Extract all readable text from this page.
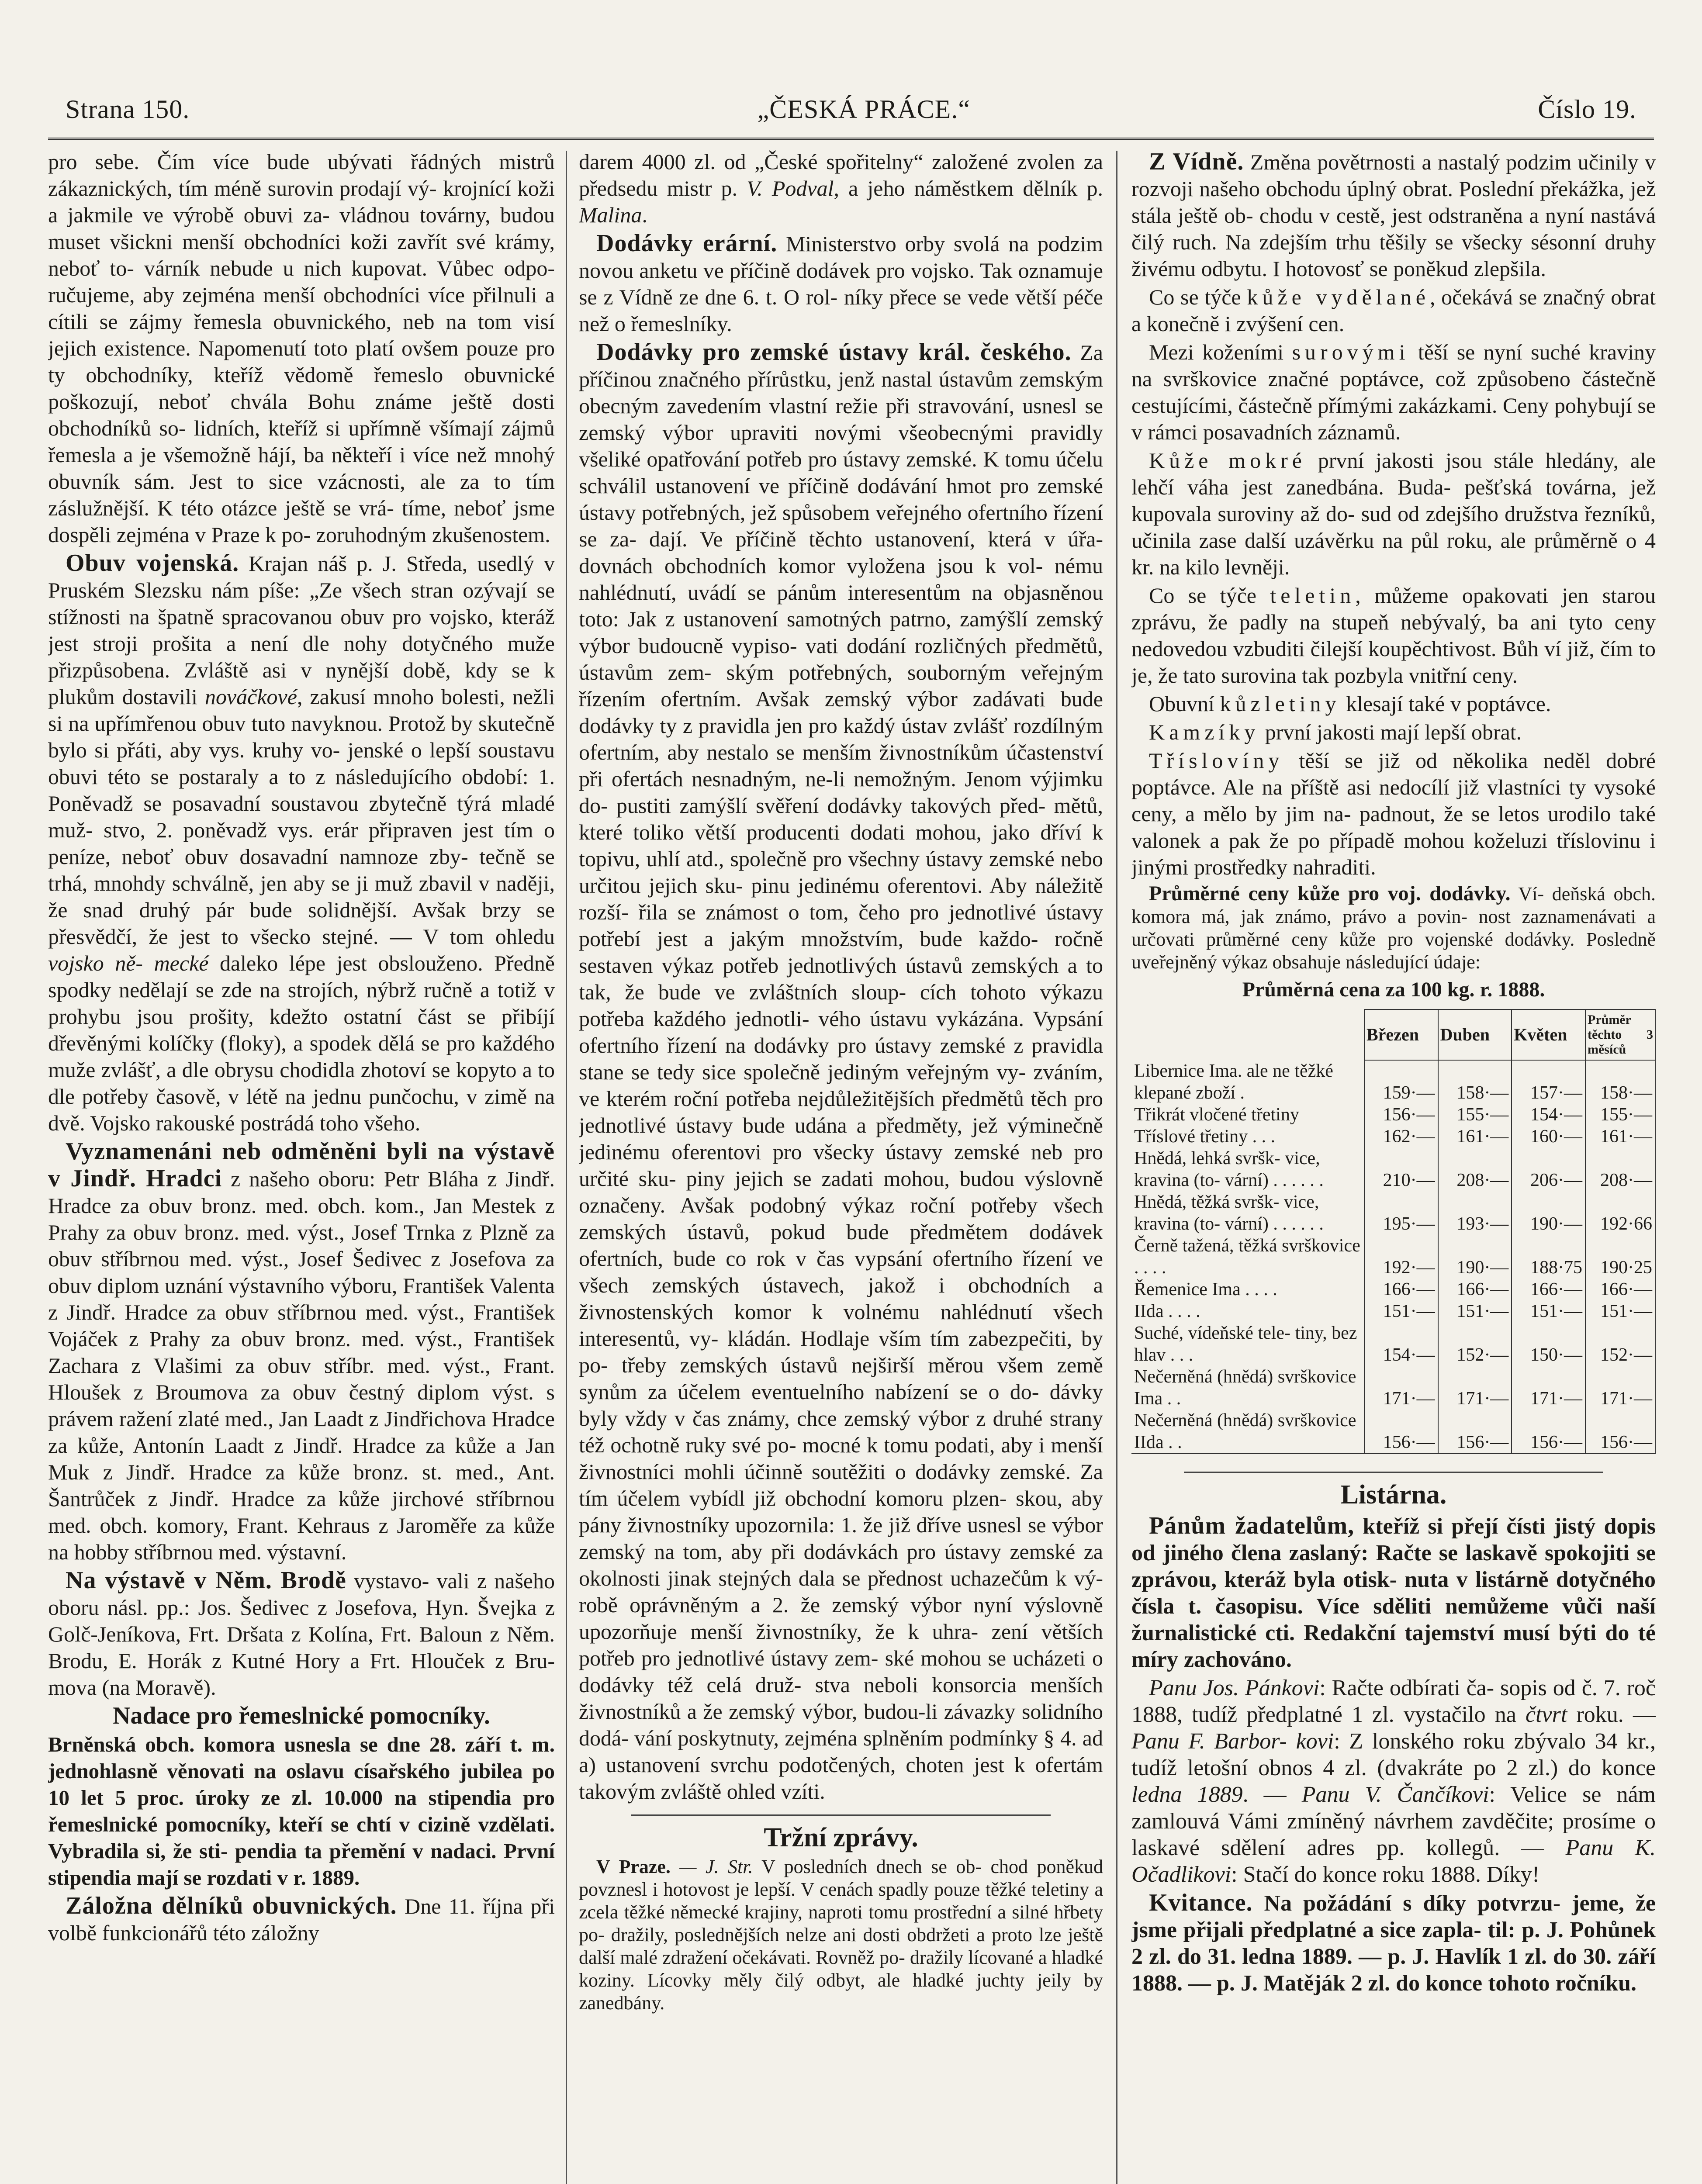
Strana 150.	„ČESKÁ PRÁCE.“	Číslo 19.

pro sebe. Čím více bude ubývati řádných mistrů zákaznických, tím méně surovin prodají vý- krojnící koži a jakmile ve výrobě obuvi za- vládnou továrny, budou muset všickni menší obchodníci koži zavřít své krámy, neboť to- várník nebude u nich kupovat. Vůbec odpo- ručujeme, aby zejména menší obchodníci více přilnuli a cítili se zájmy řemesla obuvnického, neb na tom visí jejich existence. Napomenutí toto platí ovšem pouze pro ty obchodníky, kteříž vědomě řemeslo obuvnické poškozují, neboť chvála Bohu známe ještě dosti obchodníků so- lidních, kteříž si upřímně všímají zájmů řemesla a je všemožně hájí, ba někteří i více než mnohý obuvník sám. Jest to sice vzácnosti, ale za to tím záslužnější. K této otázce ještě se vrá- tíme, neboť jsme dospěli zejména v Praze k po- zoruhodným zkušenostem.

Obuv vojenská. Krajan náš p. J. Středa, usedlý v Pruském Slezsku nám píše: „Ze všech stran ozývají se stížnosti na špatně spracovanou obuv pro vojsko, kteráž jest stroji prošita a není dle nohy dotyčného muže přizpůsobena. Zvláště asi v nynější době, kdy se k plukům dostavili nováčkové, zakusí mnoho bolesti, nežli si na upřímřenou obuv tuto navyknou. Protož by skutečně bylo si přáti, aby vys. kruhy vo- jenské o lepší soustavu obuvi této se postaraly a to z následujícího období: 1. Poněvadž se posavadní soustavou zbytečně týrá mladé muž- stvo, 2. poněvadž vys. erár připraven jest tím o peníze, neboť obuv dosavadní namnoze zby- tečně se trhá, mnohdy schválně, jen aby se ji muž zbavil v naději, že snad druhý pár bude solidnější. Avšak brzy se přesvědčí, že jest to všecko stejné. — V tom ohledu vojsko ně- mecké daleko lépe jest obslouženo. Předně spodky nedělají se zde na strojích, nýbrž ručně a totiž v prohybu jsou prošity, kdežto ostatní část se přibíjí dřevěnými kolíčky (floky), a spodek dělá se pro každého muže zvlášť, a dle obrysu chodidla zhotoví se kopyto a to dle potřeby časově, v létě na jednu punčochu, v zimě na dvě. Vojsko rakouské postrádá toho všeho.

Vyznamenáni neb odměněni byli na výstavě v Jindř. Hradci z našeho oboru: Petr Bláha z Jindř. Hradce za obuv bronz. med. obch. kom., Jan Mestek z Prahy za obuv bronz. med. výst., Josef Trnka z Plzně za obuv stříbrnou med. výst., Josef Šedivec z Josefova za obuv diplom uznání výstavního výboru, František Valenta z Jindř. Hradce za obuv stříbrnou med. výst., František Vojáček z Prahy za obuv bronz. med. výst., František Zachara z Vlašimi za obuv stříbr. med. výst., Frant. Hloušek z Broumova za obuv čestný diplom výst. s právem ražení zlaté med., Jan Laadt z Jindřichova Hradce za kůže, Antonín Laadt z Jindř. Hradce za kůže a Jan Muk z Jindř. Hradce za kůže bronz. st. med., Ant. Šantrůček z Jindř. Hradce za kůže jirchové stříbrnou med. obch. komory, Frant. Kehraus z Jaroměře za kůže na hobby stříbrnou med. výstavní.

Na výstavě v Něm. Brodě vystavo- vali z našeho oboru násl. pp.: Jos. Šedivec z Josefova, Hyn. Švejka z Golč-Jeníkova, Frt. Dršata z Kolína, Frt. Baloun z Něm. Brodu, E. Horák z Kutné Hory a Frt. Hlouček z Bru- mova (na Moravě).

Nadace pro řemeslnické pomocníky.

Brněnská obch. komora usnesla se dne 28. září t. m. jednohlasně věnovati na oslavu císařského jubilea po 10 let 5 proc. úroky ze zl. 10.000 na stipendia pro řemeslnické pomocníky, kteří se chtí v cizině vzdělati. Vybradila si, že sti- pendia ta přemění v nadaci. První stipendia mají se rozdati v r. 1889.

Záložna dělníků obuvnických. Dne 11. října při volbě funkcionářů této záložny

darem 4000 zl. od „České spořitelny“ založené zvolen za předsedu mistr p. V. Podval, a jeho náměstkem dělník p. Malina.

Dodávky erární. Ministerstvo orby svolá na podzim novou anketu ve příčině dodávek pro vojsko. Tak oznamuje se z Vídně ze dne 6. t. O rol- níky přece se vede větší péče než o řemeslníky.

Dodávky pro zemské ústavy král. českého. Za příčinou značného přírůstku, jenž nastal ústavům zemským obecným zavedením vlastní režie při stravování, usnesl se zemský výbor upraviti novými všeobecnými pravidly všeliké opatřování potřeb pro ústavy zemské. K tomu účelu schválil ustanovení ve příčině dodávání hmot pro zemské ústavy potřebných, jež spůsobem veřejného ofertního řízení se za- dají. Ve příčině těchto ustanovení, která v úřa- dovnách obchodních komor vyložena jsou k vol- nému nahlédnutí, uvádí se pánům interesentům na objasněnou toto: Jak z ustanovení samotných patrno, zamýšlí zemský výbor budoucně vypiso- vati dodání rozličných předmětů, ústavům zem- ským potřebných, souborným veřejným řízením ofertním. Avšak zemský výbor zadávati bude dodávky ty z pravidla jen pro každý ústav zvlášť rozdílným ofertním, aby nestalo se menším živnostníkům účastenství při ofertách nesnadným, ne-li nemožným. Jenom výjimku do- pustiti zamýšlí svěření dodávky takových před- mětů, které toliko větší producenti dodati mohou, jako dříví k topivu, uhlí atd., společně pro všechny ústavy zemské nebo určitou jejich sku- pinu jedinému oferentovi. Aby náležitě rozší- řila se známost o tom, čeho pro jednotlivé ústavy potřebí jest a jakým množstvím, bude každo- ročně sestaven výkaz potřeb jednotlivých ústavů zemských a to tak, že bude ve zvláštních sloup- cích tohoto výkazu potřeba každého jednotli- vého ústavu vykázána. Vypsání ofertního řízení na dodávky pro ústavy zemské z pravidla stane se tedy sice společně jediným veřejným vy- zváním, ve kterém roční potřeba nejdůležitějších předmětů těch pro jednotlivé ústavy bude udána a předměty, jež výminečně jedinému oferentovi pro všecky ústavy zemské neb pro určité sku- piny jejich se zadati mohou, budou výslovně označeny. Avšak podobný výkaz roční potřeby všech zemských ústavů, pokud bude předmětem dodávek ofertních, bude co rok v čas vypsání ofertního řízení ve všech zemských ústavech, jakož i obchodních a živnostenských komor k volnému nahlédnutí všech interesentů, vy- kládán. Hodlaje vším tím zabezpečiti, by po- třeby zemských ústavů nejširší měrou všem země synům za účelem eventuelního nabízení se o do- dávky byly vždy v čas známy, chce zemský výbor z druhé strany též ochotně ruky své po- mocné k tomu podati, aby i menší živnostníci mohli účinně soutěžiti o dodávky zemské. Za tím účelem vybídl již obchodní komoru plzen- skou, aby pány živnostníky upozornila: 1. že již dříve usnesl se výbor zemský na tom, aby při dodávkách pro ústavy zemské za okolnosti jinak stejných dala se přednost uchazečům k vý- robě oprávněným a 2. že zemský výbor nyní výslovně upozorňuje menší živnostníky, že k uhra- zení větších potřeb pro jednotlivé ústavy zem- ské mohou se ucházeti o dodávky též celá druž- stva neboli konsorcia menších živnostníků a že zemský výbor, budou-li závazky solidního dodá- vání poskytnuty, zejména splněním podmínky § 4. ad a) ustanovení svrchu podotčených, choten jest k ofertám takovým zvláště ohled vzíti.

Tržní zprávy.

V Praze. — J. Str. V posledních dnech se ob- chod poněkud povznesl i hotovost je lepší. V cenách spadly pouze těžké teletiny a zcela těžké německé krajiny, naproti tomu prostřední a silné hřbety po- dražily, poslednějších nelze ani dosti obdržeti a proto lze ještě další malé zdražení očekávati. Rovněž po- dražily lícované a hladké koziny. Lícovky měly čilý odbyt, ale hladké juchty jeily by zanedbány.

Z Vídně. Změna povětrnosti a nastalý podzim učinily v rozvoji našeho obchodu úplný obrat. Poslední překážka, jež stála ještě ob- chodu v cestě, jest odstraněna a nyní nastává čilý ruch. Na zdejším trhu těšily se všecky sésonní druhy živému odbytu. I hotovosť se poněkud zlepšila.

Co se týče kůže vydělané, očekává se značný obrat a konečně i zvýšení cen.

Mezi koženími surovými těší se nyní suché kraviny na svrškovice značné poptávce, což způsobeno částečně cestujícími, částečně přímými zakázkami. Ceny pohybují se v rámci posavadních záznamů.

Kůže mokré první jakosti jsou stále hledány, ale lehčí váha jest zanedbána. Buda- pešťská továrna, jež kupovala suroviny až do- sud od zdejšího družstva řezníků, učinila zase další uzávěrku na půl roku, ale průměrně o 4 kr. na kilo levněji.

Co se týče teletin, můžeme opakovati jen starou zprávu, že padly na stupeň nebývalý, ba ani tyto ceny nedovedou vzbuditi čilejší koupěchtivost. Bůh ví již, čím to je, že tato surovina tak pozbyla vnitřní ceny.

Obuvní kůzletiny klesají také v poptávce.

Kamzíky první jakosti mají lepší obrat.

Tříslovíny těší se již od několika neděl dobré poptávce. Ale na příště asi nedocílí již vlastníci ty vysoké ceny, a mělo by jim na- padnout, že se letos urodilo také valonek a pak že po případě mohou koželuzi tříslovinu i jinými prostředky nahraditi.

Průměrné ceny kůže pro voj. dodávky. Ví- deňská obch. komora má, jak známo, právo a povin- nost zaznamenávati a určovati průměrné ceny kůže pro vojenské dodávky. Posledně uveřejněný výkaz obsahuje následující údaje:

Průměrná cena za 100 kg. r. 1888.
	Březen	Duben	Květen	Průměr těchto 3 měsíců
Libernice Ima. ale ne těžké klepané zboží .	159·—	158·—	157·—	158·—
Třikrát vločené třetiny	156·—	155·—	154·—	155·—
Tříslové třetiny . . .	162·—	161·—	160·—	161·—
Hnědá, lehká svršk- vice, kravina (to- vární) . . . . . .	210·—	208·—	206·—	208·—
Hnědá, těžká svršk- vice, kravina (to- vární) . . . . . .	195·—	193·—	190·—	192·66
Černě tažená, těžká svrškovice . . . .	192·—	190·—	188·75	190·25
Řemenice Ima . . . .	166·—	166·—	166·—	166·—
IIda . . . .	151·—	151·—	151·—	151·—
Suché, vídeňské tele- tiny, bez hlav . . .	154·—	152·—	150·—	152·—
Nečerněná (hnědá) svrškovice Ima . .	171·—	171·—	171·—	171·—
Nečerněná (hnědá) svrškovice IIda . .	156·—	156·—	156·—	156·—
Listárna.

Pánům žadatelům, kteříž si přejí čísti jistý dopis od jiného člena zaslaný: Račte se laskavě spokojiti se zprávou, kteráž byla otisk- nuta v listárně dotyčného čísla t. časopisu. Více sděliti nemůžeme vůči naší žurnalistické cti. Redakční tajemství musí býti do té míry zachováno.

Panu Jos. Pánkovi: Račte odbírati ča- sopis od č. 7. roč 1888, tudíž předplatné 1 zl. vystačilo na čtvrt roku. — Panu F. Barbor- kovi: Z lonského roku zbývalo 34 kr., tudíž letošní obnos 4 zl. (dvakráte po 2 zl.) do konce ledna 1889. — Panu V. Čančíkovi: Velice se nám zamlouvá Vámi zmíněný návrhem zavděčite; prosíme o laskavé sdělení adres pp. kollegů. — Panu K. Očadlikovi: Stačí do konce roku 1888. Díky!

Kvitance. Na požádání s díky potvrzu- jeme, že jsme přijali předplatné a sice zapla- til: p. J. Pohůnek 2 zl. do 31. ledna 1889. — p. J. Havlík 1 zl. do 30. září 1888. — p. J. Matěják 2 zl. do konce tohoto ročníku.
